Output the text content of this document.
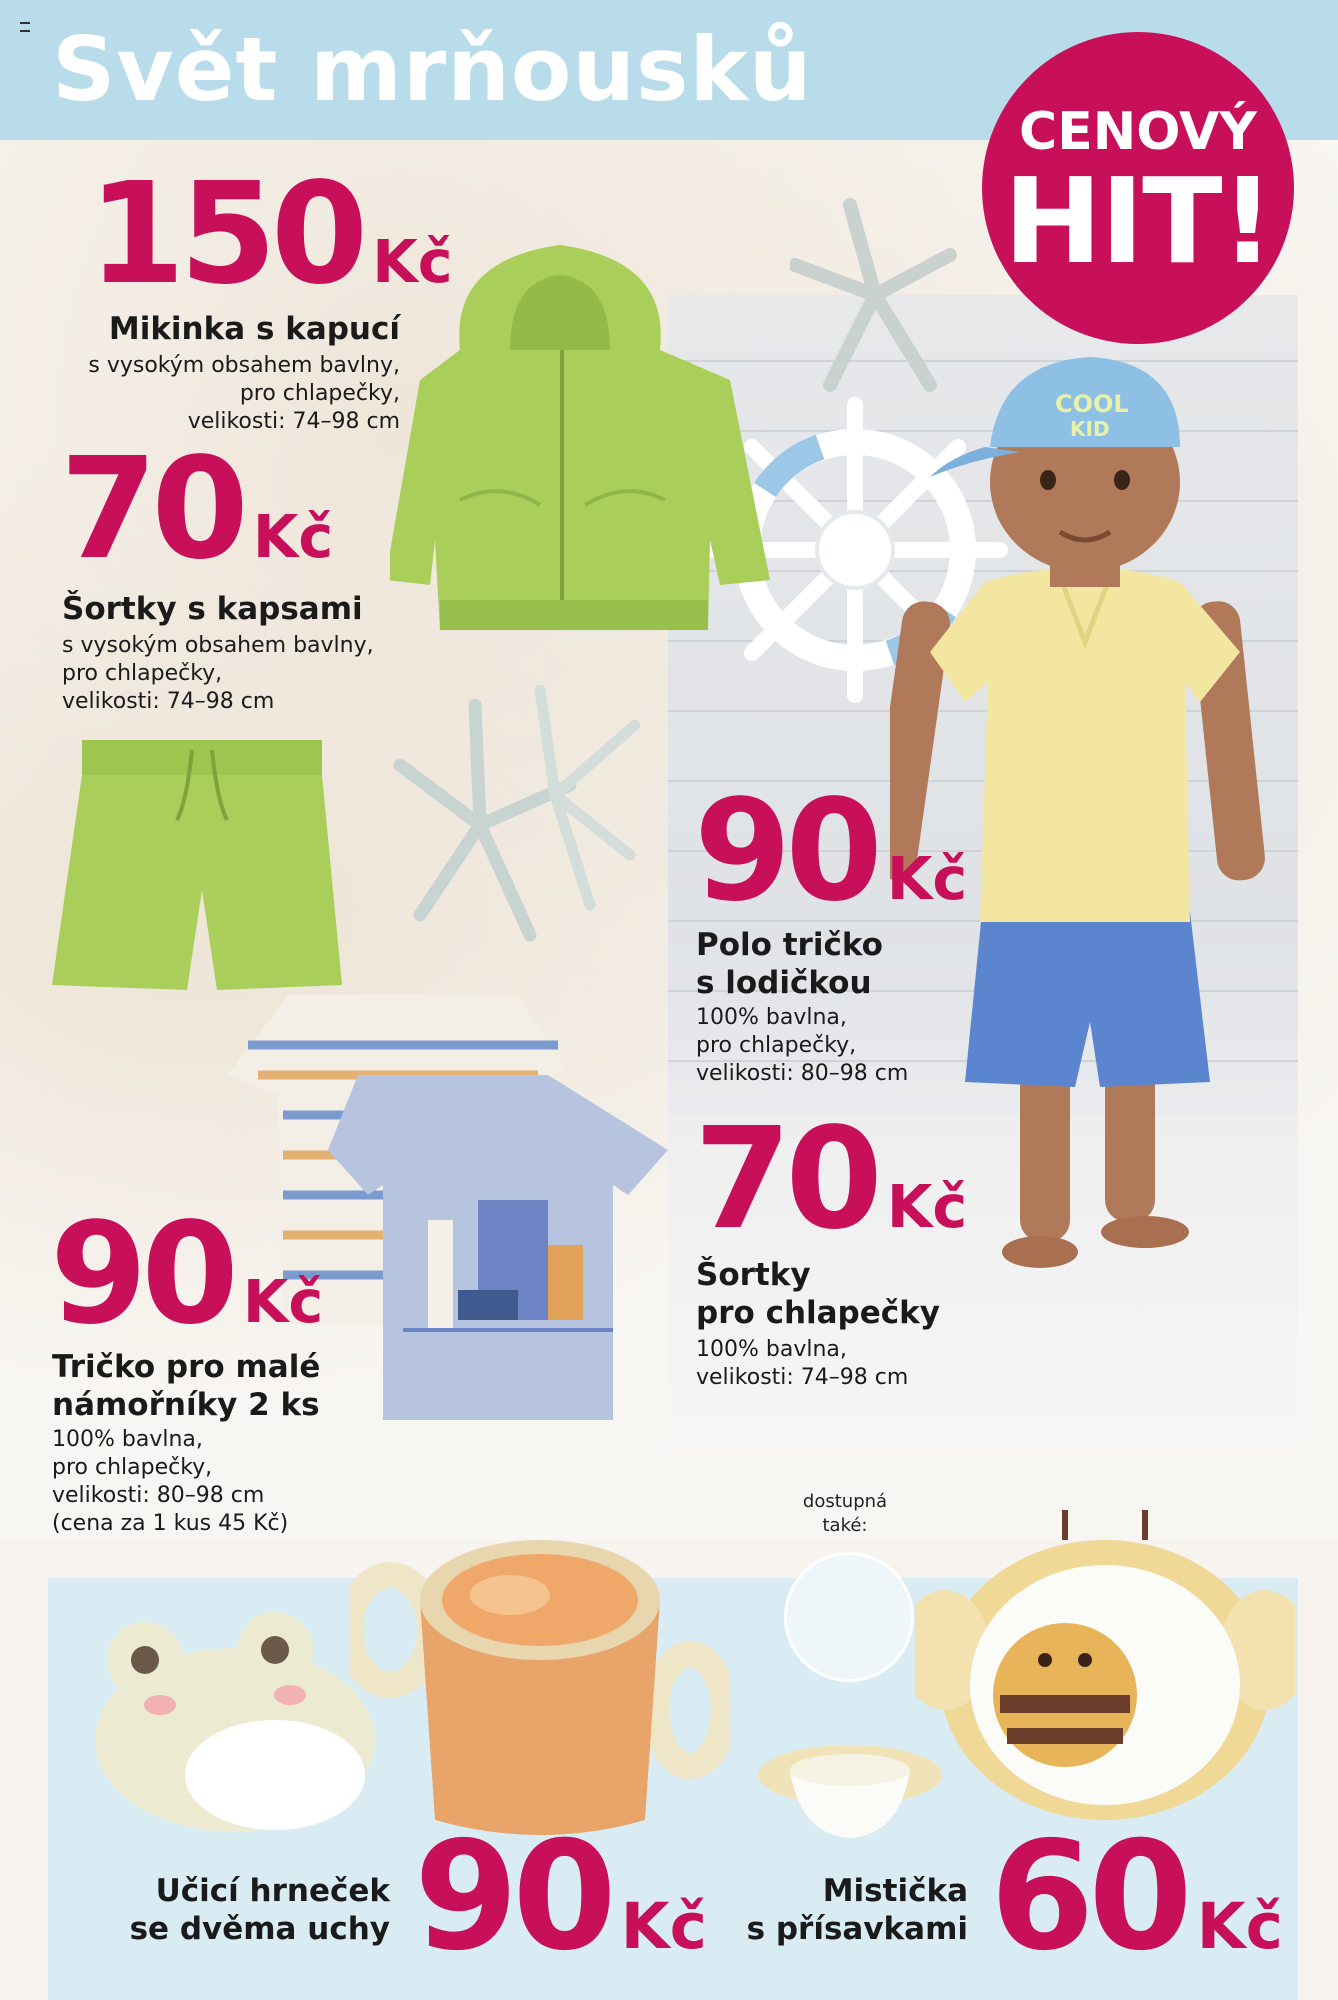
Svět mrňousků
COOL
KID
CENOVÝ
HIT!
150 Kč
Mikinka s kapucí
s vysokým obsahem bavlny,
pro chlapečky,
velikosti: 74–98 cm
70 Kč
Šortky s kapsami
s vysokým obsahem bavlny,
pro chlapečky,
velikosti: 74–98 cm
90 Kč
Polo tričko
s lodičkou
100% bavlna,
pro chlapečky,
velikosti: 80–98 cm
70 Kč
Šortky
pro chlapečky
100% bavlna,
velikosti: 74–98 cm
90 Kč
Tričko pro malé
námořníky 2 ks
100% bavlna,
pro chlapečky,
velikosti: 80–98 cm
(cena za 1 kus 45 Kč)
dostupná
také:
Učicí hrneček
se dvěma uchy 90 Kč	Mistička
s přísavkami 60 Kč
